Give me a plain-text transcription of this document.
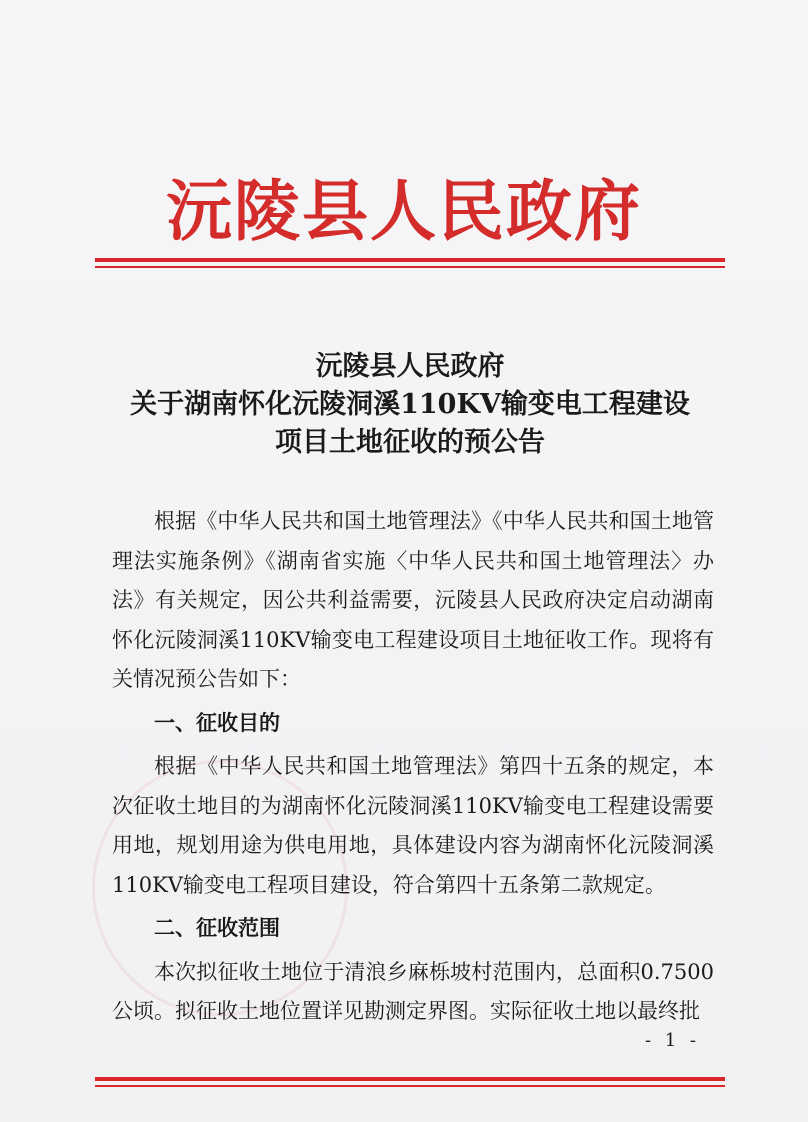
沅陵县人民政府
沅陵县人民政府
关于湖南怀化沅陵洞溪110KV输变电工程建设
项目土地征收的预公告

根据《中华人民共和国土地管理法》《中华人民共和国土地管理法实施条例》《湖南省实施〈中华人民共和国土地管理法〉办法》有关规定，因公共利益需要，沅陵县人民政府决定启动湖南怀化沅陵洞溪110KV输变电工程建设项目土地征收工作。现将有关情况预公告如下：

一、征收目的

根据《中华人民共和国土地管理法》第四十五条的规定，本次征收土地目的为湖南怀化沅陵洞溪110KV输变电工程建设需要用地，规划用途为供电用地，具体建设内容为湖南怀化沅陵洞溪110KV输变电工程项目建设，符合第四十五条第二款规定。

二、征收范围

本次拟征收土地位于清浪乡麻栎坡村范围内，总面积0.7500公顷。拟征收土地位置详见勘测定界图。实际征收土地以最终批

- 1 -
